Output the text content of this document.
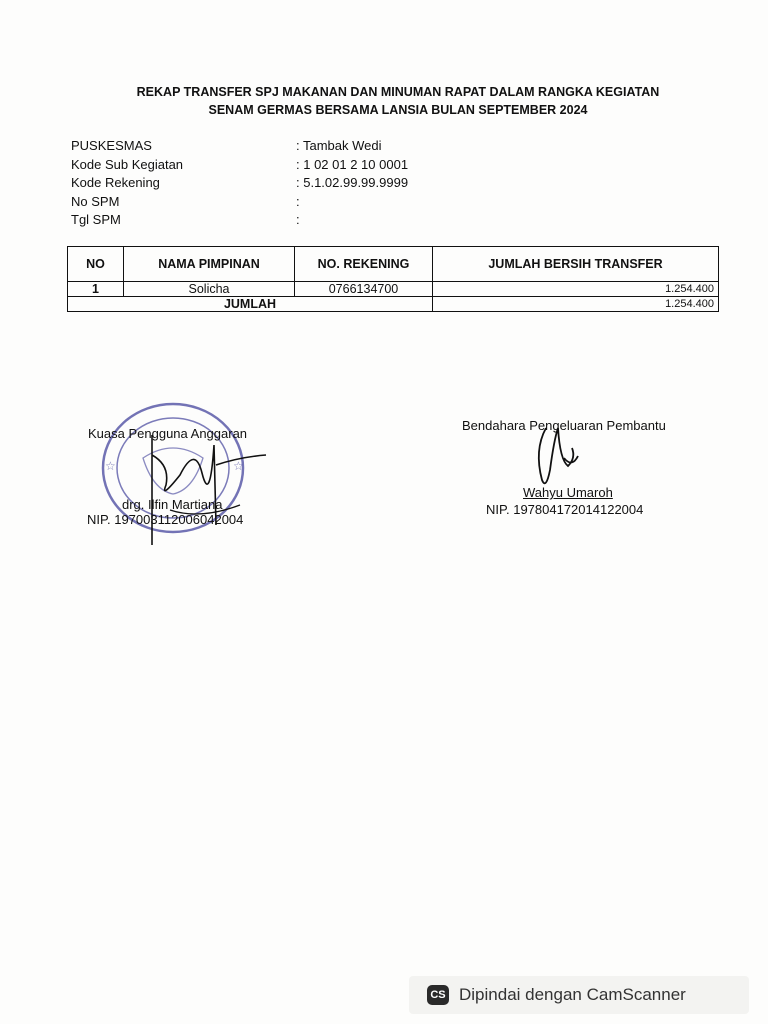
REKAP TRANSFER SPJ MAKANAN DAN MINUMAN RAPAT DALAM RANGKA KEGIATAN
SENAM GERMAS BERSAMA LANSIA BULAN SEPTEMBER 2024
PUSKESMAS	: Tambak Wedi
Kode Sub Kegiatan	: 1 02 01 2 10 0001
Kode Rekening	: 5.1.02.99.99.9999
No SPM	:
Tgl SPM	:
NO	NAMA PIMPINAN	NO. REKENING	JUMLAH BERSIH TRANSFER
1	Solicha	0766134700	1.254.400
JUMLAH			1.254.400
☆
☆
Kuasa Pengguna Anggaran
drg. Ilfin Martiana
NIP. 197003112006042004
Bendahara Pengeluaran Pembantu
Wahyu Umaroh
NIP. 197804172014122004
CS Dipindai dengan CamScanner
